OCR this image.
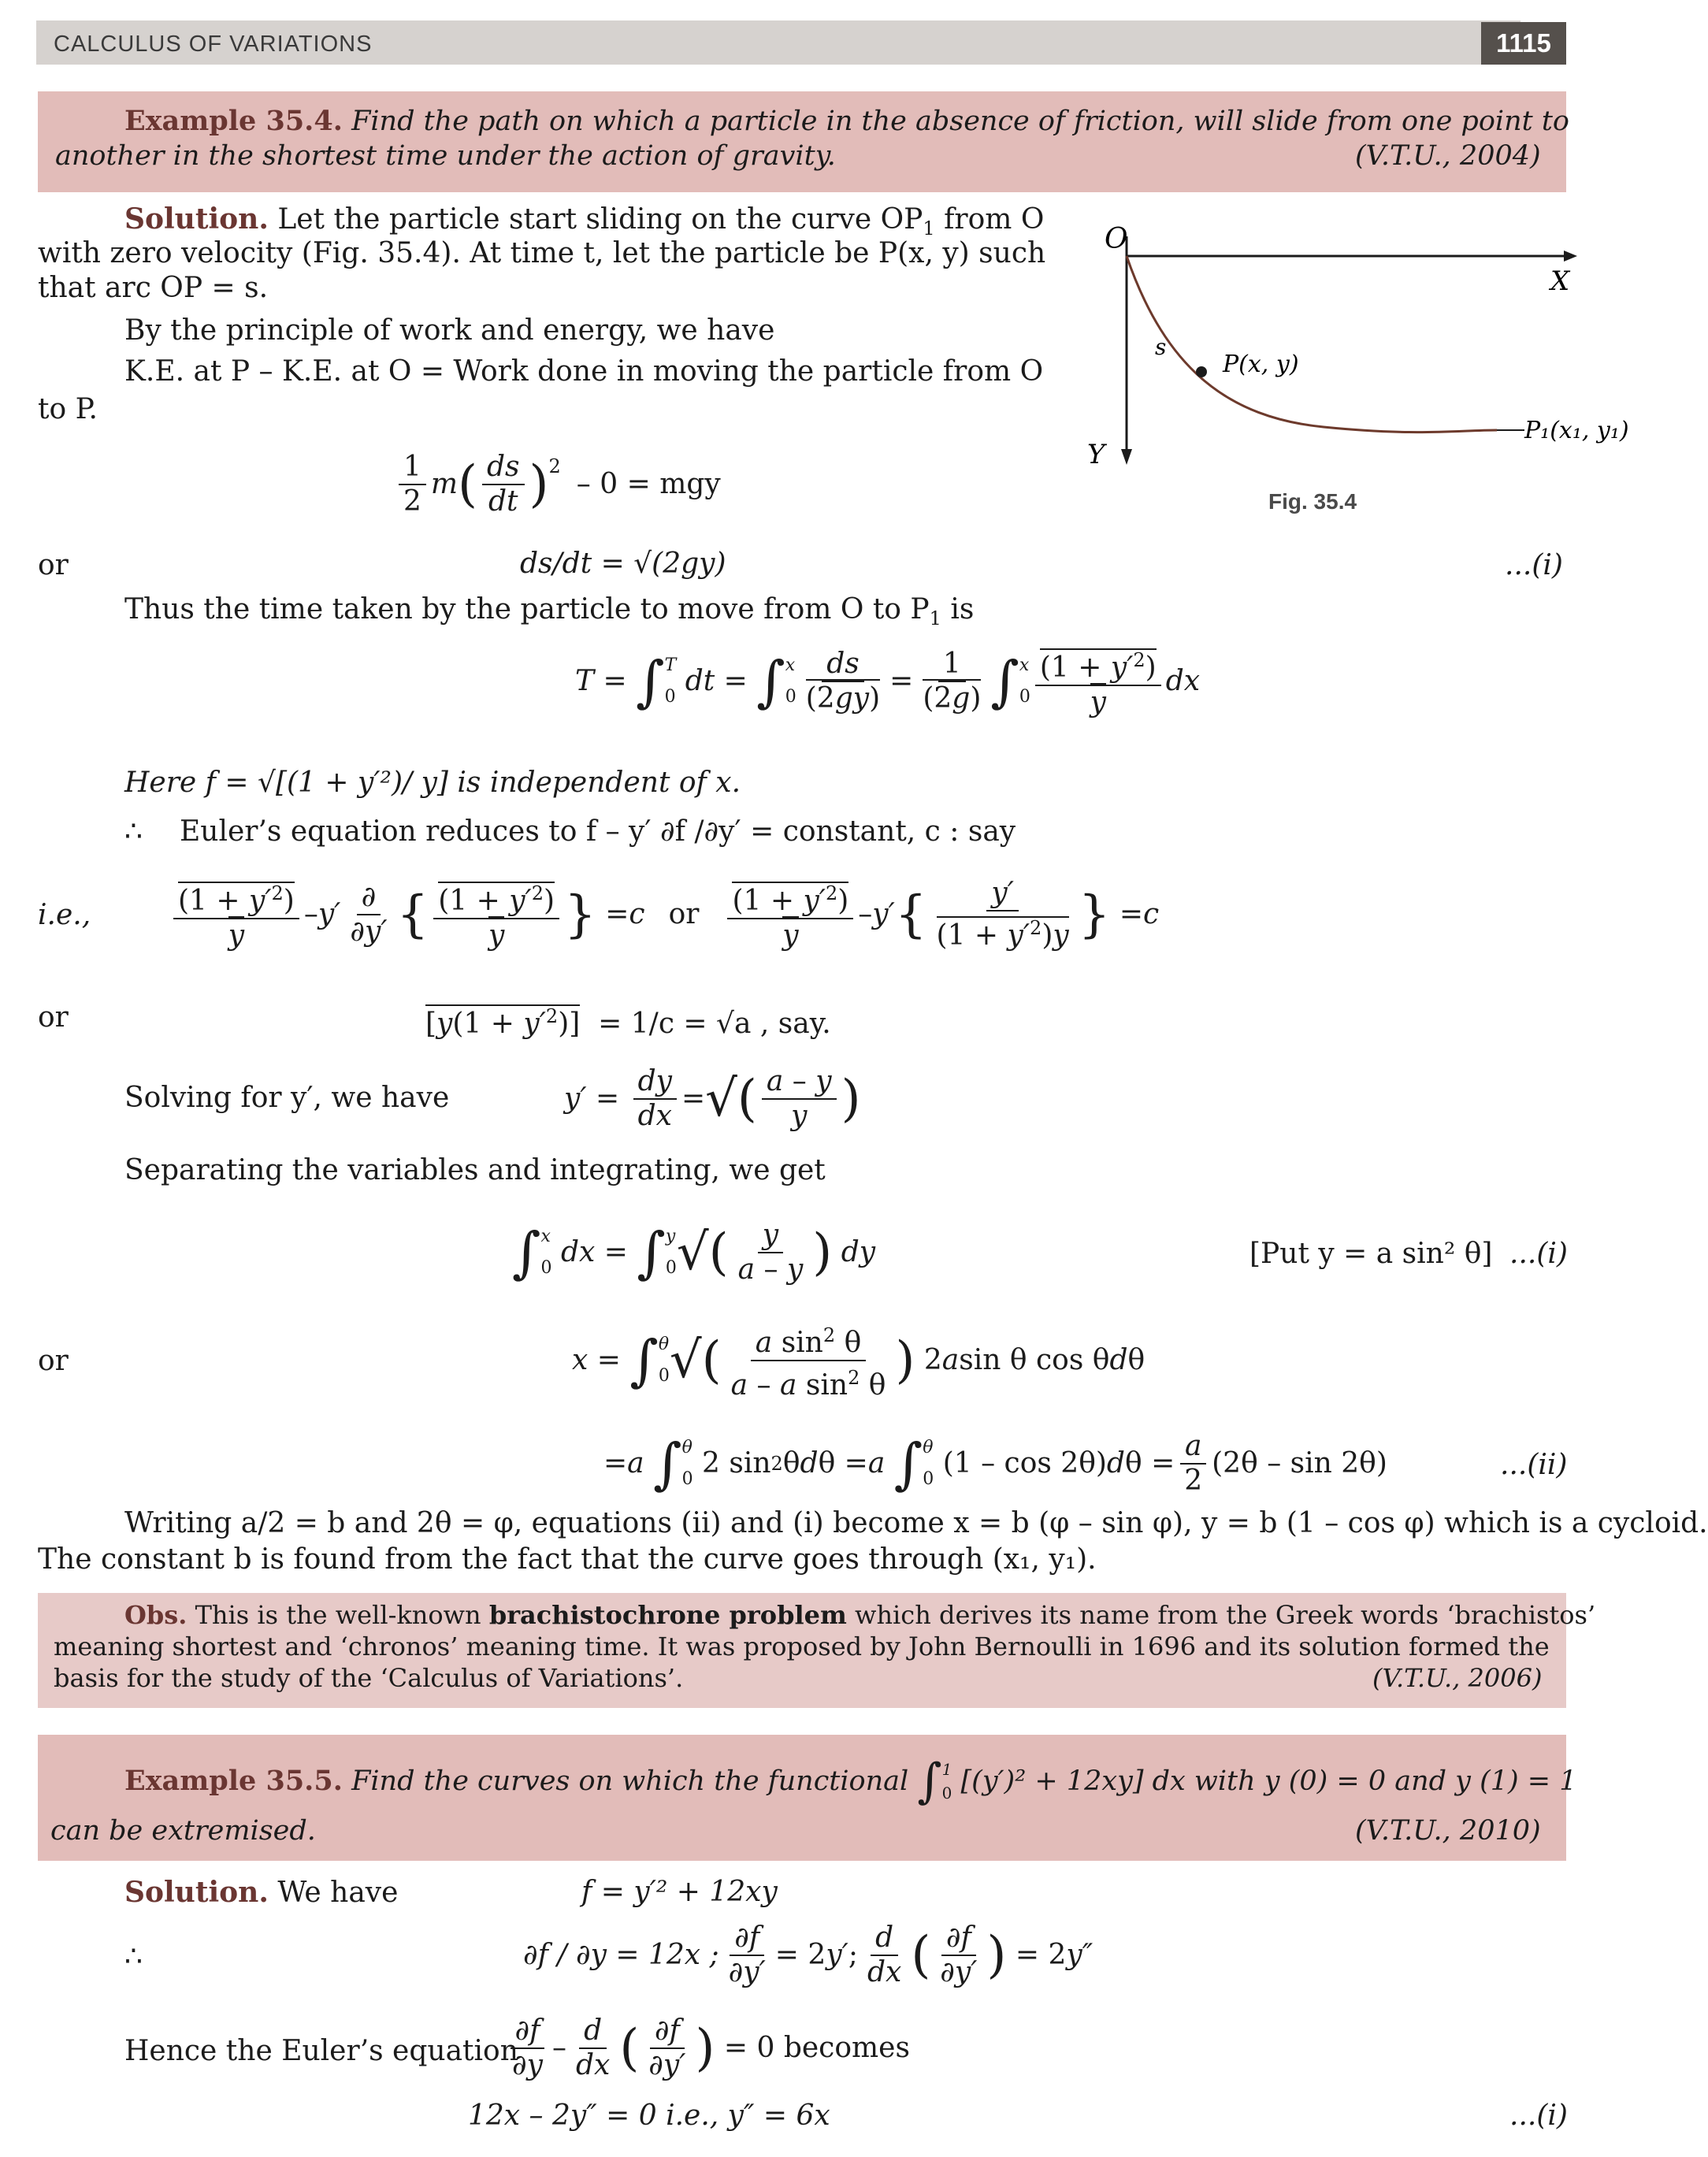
CALCULUS OF VARIATIONS	1115
Example 35.4. Find the path on which a particle in the absence of friction, will slide from one point to
another in the shortest time under the action of gravity.	(V.T.U., 2004)
Solution. Let the particle start sliding on the curve $OP_1$ from O
with zero velocity (Fig. 35.4). At time t, let the particle be P(x, y) such
that arc OP = s.
By the principle of work and energy, we have
K.E. at P – K.E. at O = Work done in moving the particle from O
to P.
1
2
m ( ds
dt )$^2$
– 0 = mgy
or	ds/dt = √(2gy)	...(i)
Thus the time taken by the particle to move from O to $P_1$ is
T = ∫ T
0
dt = ∫ x
0
ds
(2gy)
=
1
(2g) ∫ x
0
$(1 + y'^2)$
y
dx
Here f = √[(1 + y′²)/ y] is independent of x.
∴ Euler’s equation reduces to f – y′ ∂f /∂y′ = constant, c : say
i.e.,	$(1 + y'^2)$
y
– y′
∂
∂y′ { $(1 + y'^2)$
y } = c or $(1 + y'^2)$
y
– y′ { y′
$(1 + y'^2)y$ } = c
or	$[y(1 + y'^2)] = 1/c = √a$ , say.
Solving for y′, we have	y′ =
dy
dx
= √ ( a – y
y )
Separating the variables and integrating, we get
∫ x
0
dx = ∫ y
0 √ ( y
a – y )
dy	[Put y = a sin² θ] ...(i)
or	x = ∫ θ
0 √ ( a $\sin^2 \theta$
a – a $\sin^2 \theta$ ) 2 a sin θ cos θ d θ
= a
∫ θ
0 2 sin 2 θ d θ = a
∫ θ
0 (1 – cos 2θ) d θ =
a
2
(2θ – sin 2θ)	...(ii)
Writing a/2 = b and 2θ = φ, equations (ii) and (i) become x = b (φ – sin φ), y = b (1 – cos φ) which is a cycloid.
The constant b is found from the fact that the curve goes through (x₁, y₁).
O
X
Y
s
P(x, y)
P₁(x₁, y₁)
Fig. 35.4
Obs. This is the well-known brachistochrone problem which derives its name from the Greek words ‘brachistos’
meaning shortest and ‘chronos’ meaning time. It was proposed by John Bernoulli in 1696 and its solution formed the
basis for the study of the ‘Calculus of Variations’.	(V.T.U., 2006)
Example 35.5.
Find the curves on which the functional
∫ 1
0
[(y′)² + 12xy] dx with y (0) = 0 and y (1) = 1
can be extremised.	(V.T.U., 2010)
Solution. We have	f = y′² + 12xy
∴	∂f / ∂y = 12x ;
∂f
∂y′
= 2 y′ ;
d
dx ( ∂f
∂y′ ) = 2 y″
Hence the Euler’s equation
∂f
∂y
–
d
dx ( ∂f
∂y′ )
= 0 becomes
12x – 2y″ = 0 i.e., y″ = 6x	...(i)
